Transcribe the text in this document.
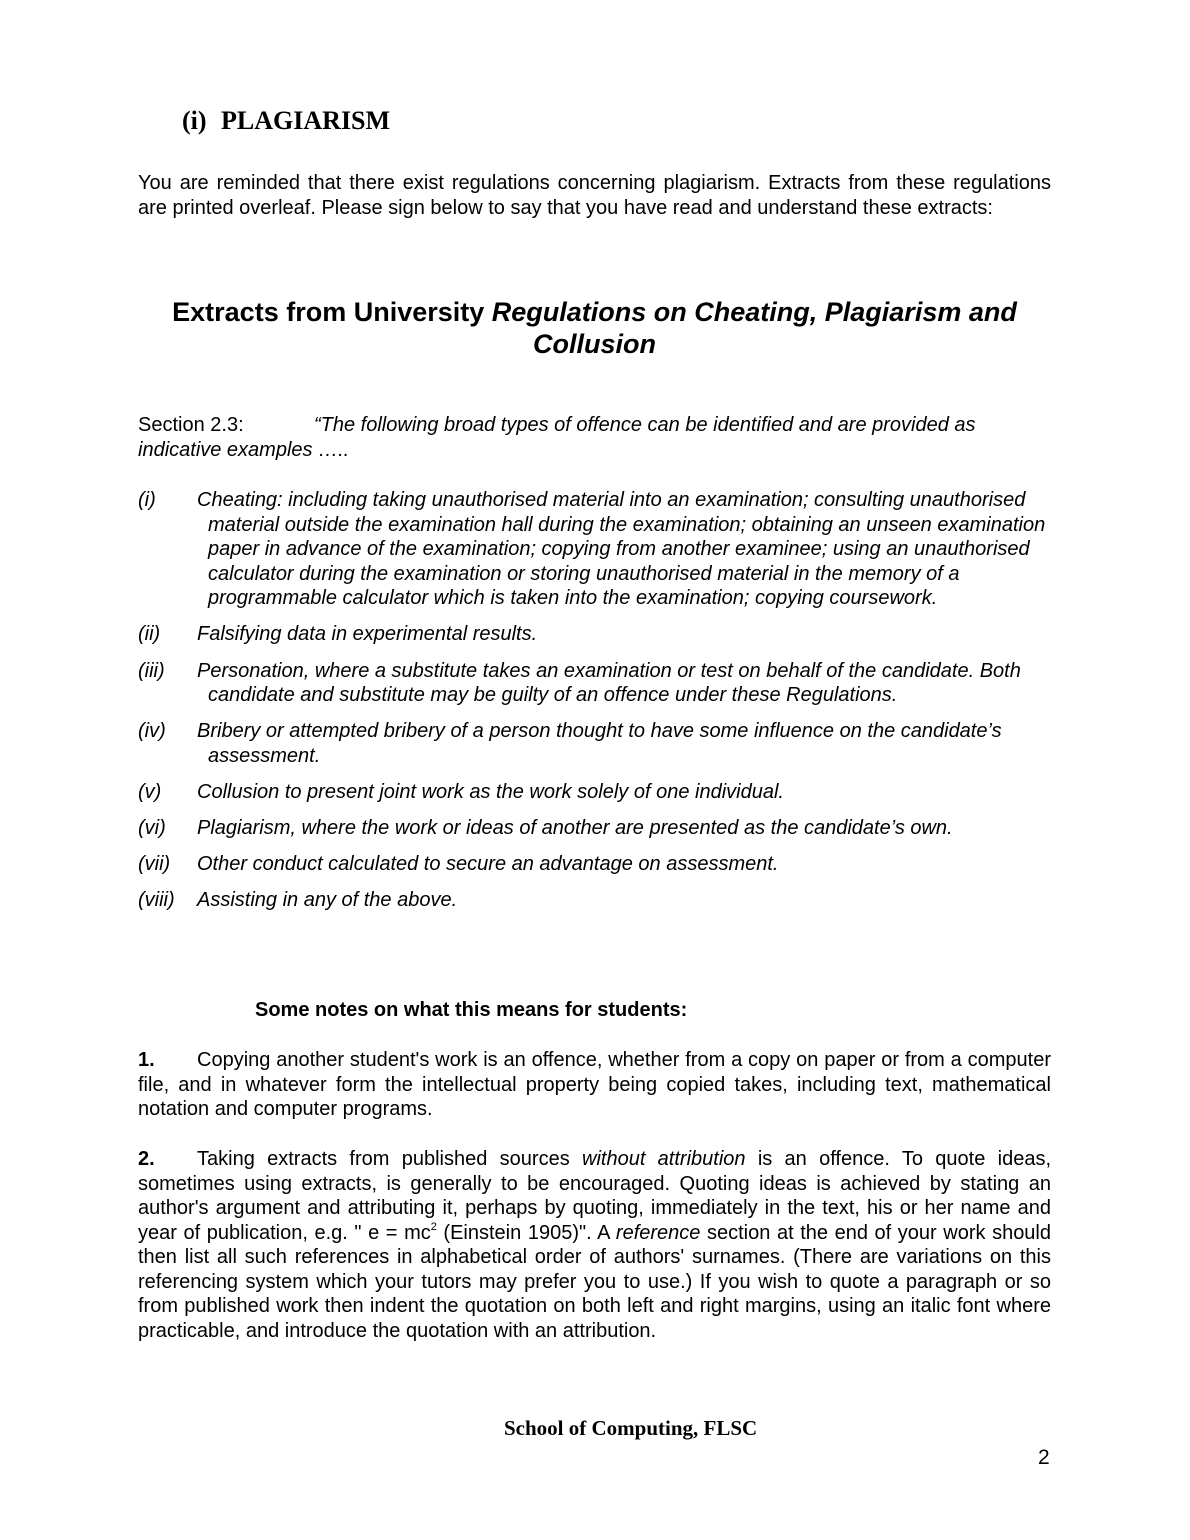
(i) PLAGIARISM

You are reminded that there exist regulations concerning plagiarism. Extracts from these regulations are printed overleaf. Please sign below to say that you have read and understand these extracts:

Extracts from University Regulations on Cheating, Plagiarism and Collusion
Section 2.3:	“The following broad types of offence can be identified and are provided as indicative examples …..
(i) Cheating: including taking unauthorised material into an examination; consulting unauthorised material outside the examination hall during the examination; obtaining an unseen examination paper in advance of the examination; copying from another examinee; using an unauthorised calculator during the examination or storing unauthorised material in the memory of a programmable calculator which is taken into the examination; copying coursework.
(ii) Falsifying data in experimental results.
(iii) Personation, where a substitute takes an examination or test on behalf of the candidate. Both candidate and substitute may be guilty of an offence under these Regulations.
(iv) Bribery or attempted bribery of a person thought to have some influence on the candidate’s assessment.
(v) Collusion to present joint work as the work solely of one individual.
(vi) Plagiarism, where the work or ideas of another are presented as the candidate’s own.
(vii) Other conduct calculated to secure an advantage on assessment.
(viii) Assisting in any of the above.
Some notes on what this means for students:

1. Copying another student's work is an offence, whether from a copy on paper or from a computer file, and in whatever form the intellectual property being copied takes, including text, mathematical notation and computer programs.

2. Taking extracts from published sources without attribution is an offence. To quote ideas, sometimes using extracts, is generally to be encouraged. Quoting ideas is achieved by stating an author's argument and attributing it, perhaps by quoting, immediately in the text, his or her name and year of publication, e.g. " $e = mc^2$ (Einstein 1905)". A reference section at the end of your work should then list all such references in alphabetical order of authors' surnames. (There are variations on this referencing system which your tutors may prefer you to use.) If you wish to quote a paragraph or so from published work then indent the quotation on both left and right margins, using an italic font where practicable, and introduce the quotation with an attribution.

School of Computing, FLSC
2
